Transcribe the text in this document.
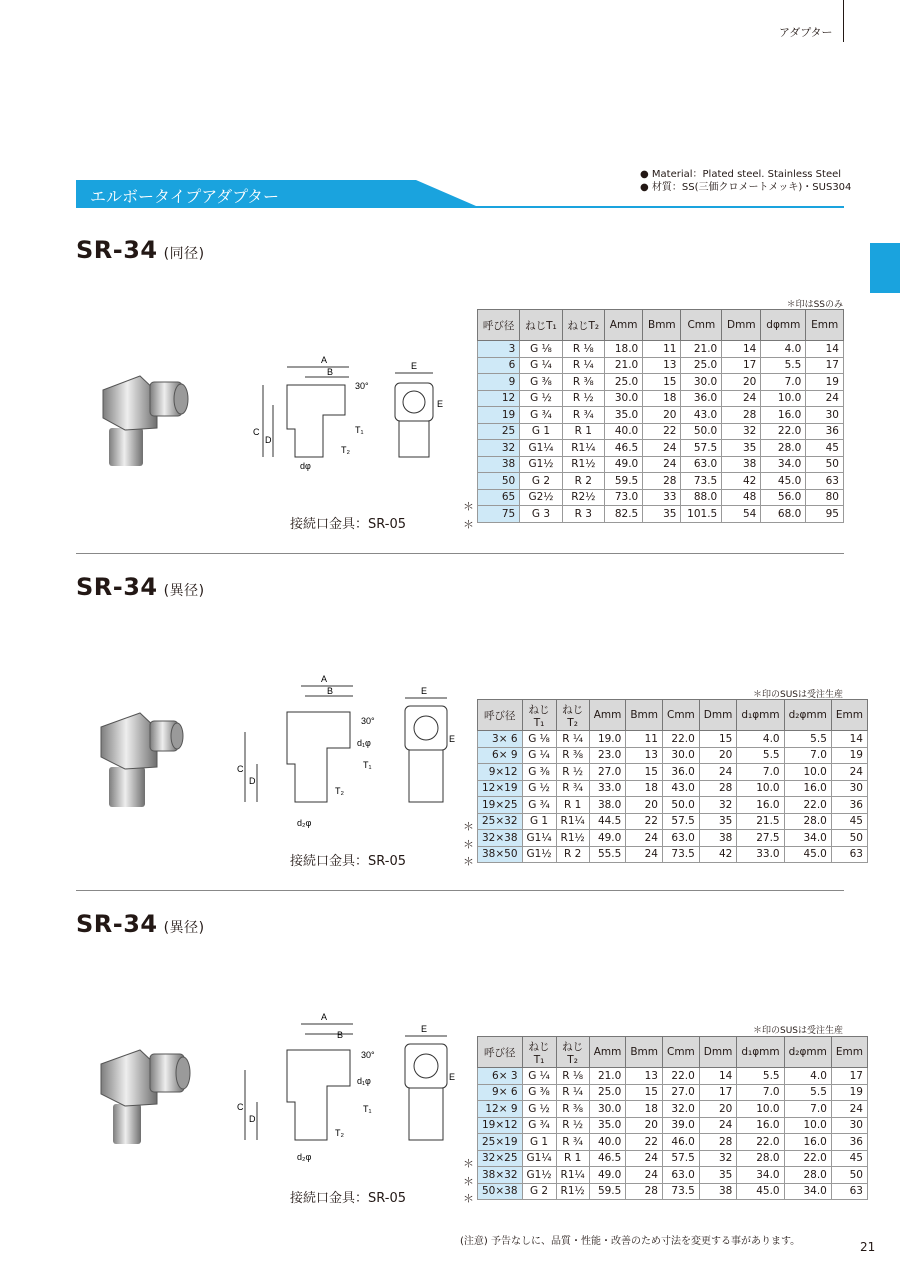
アダプター
エルボータイプアダプター
● Material：Plated steel. Stainless Steel
● 材質：SS(三価クロメートメッキ)・SUS304
SR-34 (同径)
SR-34 (異径)
SR-34 (異径)
＊印はSSのみ
＊印のSUSは受注生産
＊印のSUSは受注生産
接続口金具：SR-05
接続口金具：SR-05
接続口金具：SR-05
A
B
C
D
30°
T₁
T₂
dφ
E
E
A
B
C
D
30°
T₁
T₂
d₂φ
d₁φ
E
E
A
B
C
D
30°
T₁
T₂
d₂φ
d₁φ
E
E
＊
＊
呼び径	ねじT₁	ねじT₂	Amm	Bmm	Cmm	Dmm	dφmm	Emm
3	G ⅛	R ⅛	18.0	11	21.0	14	4.0	14
6	G ¼	R ¼	21.0	13	25.0	17	5.5	17
9	G ⅜	R ⅜	25.0	15	30.0	20	7.0	19
12	G ½	R ½	30.0	18	36.0	24	10.0	24
19	G ¾	R ¾	35.0	20	43.0	28	16.0	30
25	G 1	R 1	40.0	22	50.0	32	22.0	36
32	G1¼	R1¼	46.5	24	57.5	35	28.0	45
38	G1½	R1½	49.0	24	63.0	38	34.0	50
50	G 2	R 2	59.5	28	73.5	42	45.0	63
65	G2½	R2½	73.0	33	88.0	48	56.0	80
75	G 3	R 3	82.5	35	101.5	54	68.0	95
＊
＊
＊
呼び径	ねじT₁	ねじT₂	Amm	Bmm	Cmm	Dmm	d₁φmm	d₂φmm	Emm
3× 6	G ⅛	R ¼	19.0	11	22.0	15	4.0	5.5	14
6× 9	G ¼	R ⅜	23.0	13	30.0	20	5.5	7.0	19
9×12	G ⅜	R ½	27.0	15	36.0	24	7.0	10.0	24
12×19	G ½	R ¾	33.0	18	43.0	28	10.0	16.0	30
19×25	G ¾	R 1	38.0	20	50.0	32	16.0	22.0	36
25×32	G 1	R1¼	44.5	22	57.5	35	21.5	28.0	45
32×38	G1¼	R1½	49.0	24	63.0	38	27.5	34.0	50
38×50	G1½	R 2	55.5	24	73.5	42	33.0	45.0	63
＊
＊
＊
呼び径	ねじT₁	ねじT₂	Amm	Bmm	Cmm	Dmm	d₁φmm	d₂φmm	Emm
6× 3	G ¼	R ⅛	21.0	13	22.0	14	5.5	4.0	17
9× 6	G ⅜	R ¼	25.0	15	27.0	17	7.0	5.5	19
12× 9	G ½	R ⅜	30.0	18	32.0	20	10.0	7.0	24
19×12	G ¾	R ½	35.0	20	39.0	24	16.0	10.0	30
25×19	G 1	R ¾	40.0	22	46.0	28	22.0	16.0	36
32×25	G1¼	R 1	46.5	24	57.5	32	28.0	22.0	45
38×32	G1½	R1¼	49.0	24	63.0	35	34.0	28.0	50
50×38	G 2	R1½	59.5	28	73.5	38	45.0	34.0	63
(注意) 予告なしに、品質・性能・改善のため寸法を変更する事があります。	21
